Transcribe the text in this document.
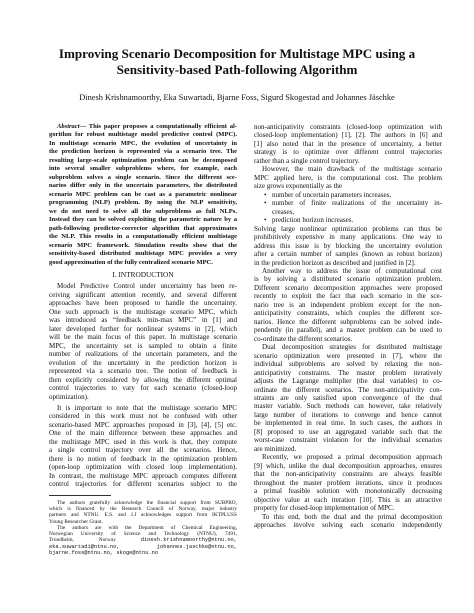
Improving Scenario Decomposition for Multistage MPC using a
Sensitivity-based Path-following Algorithm
Dinesh Krishnamoorthy, Eka Suwartadi, Bjarne Foss, Sigurd Skogestad and Johannes Jäschke
Abstract— This paper proposes a computationally efficient al-
gorithm for robust multistage model predictive control (MPC).
In multistage scenario MPC, the evolution of uncertainty in
the prediction horizon is represented via a scenario tree. The
resulting large-scale optimization problem can be decomposed
into several smaller subproblems where, for example, each
subproblem solves a single scenario. Since the different sce-
narios differ only in the uncertain parameters, the distributed
scenario MPC problem can be cast as a parametric nonlinear
programming (NLP) problem. By using the NLP sensitivity,
we do not need to solve all the subproblems as full NLPs.
Instead they can be solved exploiting the parametric nature by a
path-following predictor-corrector algorithm that approximates
the NLP. This results in a computationally efficient multistage
scenario MPC framework. Simulation results show that the
sensitivity-based distributed multistage MPC provides a very
good approximation of the fully centralized scenario MPC.
I. INTRODUCTION
Model Predictive Control under uncertainty has been re-
ceiving significant attention recently, and several different
approaches have been proposed to handle the uncertainty.
One such approach is the multistage scenario MPC, which
was introduced as “feedback min-max MPC” in [1] and
later developed further for nonlinear systems in [2], which
will be the main focus of this paper. In multistage scenario
MPC, the uncertainty set is sampled to obtain a finite
number of realizations of the uncertain parameters, and the
evolution of the uncertainty in the prediction horizon is
represented via a scenario tree. The notion of feedback is
then explicitly considered by allowing the different optimal
control trajectories to vary for each scenario (closed-loop
optimization).
It is important to note that the multistage scenario MPC
considered in this work must not be confused with other
scenario-based MPC approaches proposed in [3], [4], [5] etc.
One of the main difference between these approaches and
the multistage MPC used in this work is that, they compute
a single control trajectory over all the scenarios. Hence,
there is no notion of feedback in the optimization problem
(open-loop optimization with closed loop implementation).
In contrast, the multistage MPC approach computes different
control trajectories for different scenarios subject to the
The authors gratefully acknowledge the financial support from SUBPRO,
which is financed by the Research Council of Norway, major industry
partners and NTNU. E.S. and J.J acknowledges support from IKTPLUSS
Young Researcher Grant.
The authors are with the Department of Chemical Engineering,
Norwegian University of Science and Technology (NTNU), 7491,
Trondheim, Norway	dinesh.krishnamoorthy@ntnu.no,
eka.suwartadi@ntnu.no, johannes.jaschke@ntnu.no,
bjarne.foss@ntnu.no, skoge@ntnu.no
non-anticipativity constraints (closed-loop optimization with
closed-loop implementation) [1], [2]. The authors in [6] and
[1] also noted that in the presence of uncertainty, a better
strategy is to optimize over different control trajectories
rather than a single control trajectory.
However, the main drawback of the multistage scenario
MPC applied here, is the computational cost. The problem
size grows exponentially as the
• number of uncertain parameters increases,
• number of finite realizations of the uncertainty in-
creases,
• prediction horizon increases.
Solving large nonlinear optimization problems can thus be
prohibitively expensive in many applications. One way to
address this issue is by blocking the uncertainty evolution
after a certain number of samples (known as robust horizon)
in the prediction horizon as described and justified in [2].
Another way to address the issue of computational cost
is by solving a distributed scenario optimization problem.
Different scenario decomposition approaches were proposed
recently to exploit the fact that each scenario in the sce-
nario tree is an independent problem except for the non-
anticipativity constraints, which couples the different sce-
narios. Hence the different subproblems can be solved inde-
pendently (in parallel), and a master problem can be used to
co-ordinate the different scenarios.
Dual decomposition strategies for distributed multistage
scenario optimization were presented in [7], where the
individual subproblems are solved by relaxing the non-
anticipativity constraints. The master problem iteratively
adjusts the Lagrange multiplier (the dual variables) to co-
ordinate the different scenarios. The non-anticipativity con-
straints are only satisfied upon convergence of the dual
master variable. Such methods can however, take relatively
large number of iterations to converge and hence cannot
be implemented in real time. In such cases, the authors in
[8] proposed to use an aggregated variable such that the
worst-case constraint violation for the individual scenarios
are minimized.
Recently, we proposed a primal decomposition approach
[9] which, unlike the dual decomposition approaches, ensures
that the non-anticipativity constraints are always feasible
throughout the master problem iterations, since it produces
a primal feasible solution with monotonically decreasing
objective value at each iteration [10]. This is an attractive
property for closed-loop implementation of MPC.
To this end, both the dual and the primal decomposition
approaches involve solving each scenario independently
